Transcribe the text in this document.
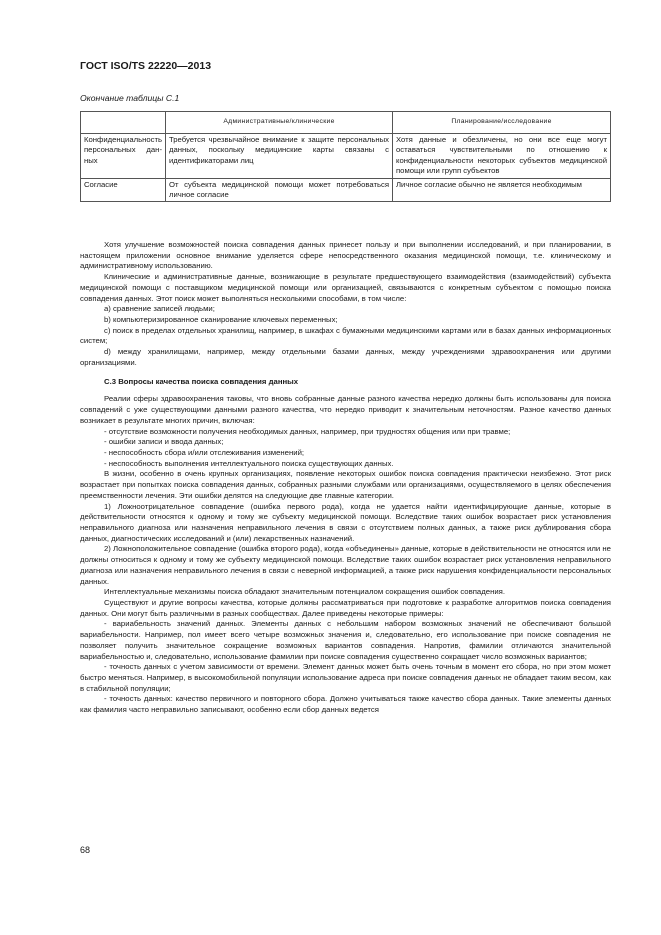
ГОСТ ISO/TS 22220—2013
Окончание таблицы С.1
	Административные/клинические	Планирование/исследование
Конфиденциальность персональных данных	Требуется чрезвычайное внимание к защите персональных данных, поскольку медицинские карты связаны с идентификаторами лиц	Хотя данные и обезличены, но они все еще могут оставаться чувствительными по отношению к конфиденциальности некоторых субъектов медицинской помощи или групп субъектов
Согласие	От субъекта медицинской помощи может потребоваться личное согласие	Личное согласие обычно не является необходимым

Хотя улучшение возможностей поиска совпадения данных принесет пользу и при выполнении исследований, и при планировании, в настоящем приложении основное внимание уделяется сфере непосредственного оказания медицинской помощи, т.е. клиническому и административному использованию.

Клинические и административные данные, возникающие в результате предшествующего взаимодействия (взаимодействий) субъекта медицинской помощи с поставщиком медицинской помощи или организацией, связываются с конкретным субъектом с помощью поиска совпадения данных. Этот поиск может выполняться несколькими способами, в том числе:

a) сравнение записей людьми;

b) компьютеризированное сканирование ключевых переменных;

c) поиск в пределах отдельных хранилищ, например, в шкафах с бумажными медицинскими картами или в базах данных информационных систем;

d) между хранилищами, например, между отдельными базами данных, между учреждениями здравоохранения или другими организациями.

С.3 Вопросы качества поиска совпадения данных

Реалии сферы здравоохранения таковы, что вновь собранные данные разного качества нередко должны быть использованы для поиска совпадений с уже существующими данными разного качества, что нередко приводит к значительным неточностям. Разное качество данных возникает в результате многих причин, включая:

- отсутствие возможности получения необходимых данных, например, при трудностях общения или при травме;

- ошибки записи и ввода данных;

- неспособность сбора и/или отслеживания изменений;

- неспособность выполнения интеллектуального поиска существующих данных.

В жизни, особенно в очень крупных организациях, появление некоторых ошибок поиска совпадения практически неизбежно. Этот риск возрастает при попытках поиска совпадения данных, собранных разными службами или организациями, осуществляемого в целях обеспечения преемственности лечения. Эти ошибки делятся на следующие две главные категории.

1) Ложноотрицательное совпадение (ошибка первого рода), когда не удается найти идентифицирующие данные, которые в действительности относятся к одному и тому же субъекту медицинской помощи. Вследствие таких ошибок возрастает риск установления неправильного диагноза или назначения неправильного лечения в связи с отсутствием полных данных, а также риск дублирования сбора данных, диагностических исследований и (или) лекарственных назначений.

2) Ложноположительное совпадение (ошибка второго рода), когда «объединены» данные, которые в действительности не относятся или не должны относиться к одному и тому же субъекту медицинской помощи. Вследствие таких ошибок возрастает риск установления неправильного диагноза или назначения неправильного лечения в связи с неверной информацией, а также риск нарушения конфиденциальности персональных данных.

Интеллектуальные механизмы поиска обладают значительным потенциалом сокращения ошибок совпадения.

Существуют и другие вопросы качества, которые должны рассматриваться при подготовке к разработке алгоритмов поиска совпадения данных. Они могут быть различными в разных сообществах. Далее приведены некоторые примеры:

- вариабельность значений данных. Элементы данных с небольшим набором возможных значений не обеспечивают большой вариабельности. Например, пол имеет всего четыре возможных значения и, следовательно, его использование при поиске совпадения не позволяет получить значительное сокращение возможных вариантов совпадения. Напротив, фамилии отличаются значительной вариабельностью и, следовательно, использование фамилии при поиске совпадения существенно сокращает число возможных вариантов;

- точность данных с учетом зависимости от времени. Элемент данных может быть очень точным в момент его сбора, но при этом может быстро меняться. Например, в высокомобильной популяции использование адреса при поиске совпадения данных не обладает таким весом, как в стабильной популяции;

- точность данных: качество первичного и повторного сбора. Должно учитываться также качество сбора данных. Такие элементы данных как фамилия часто неправильно записывают, особенно если сбор данных ведется

68
